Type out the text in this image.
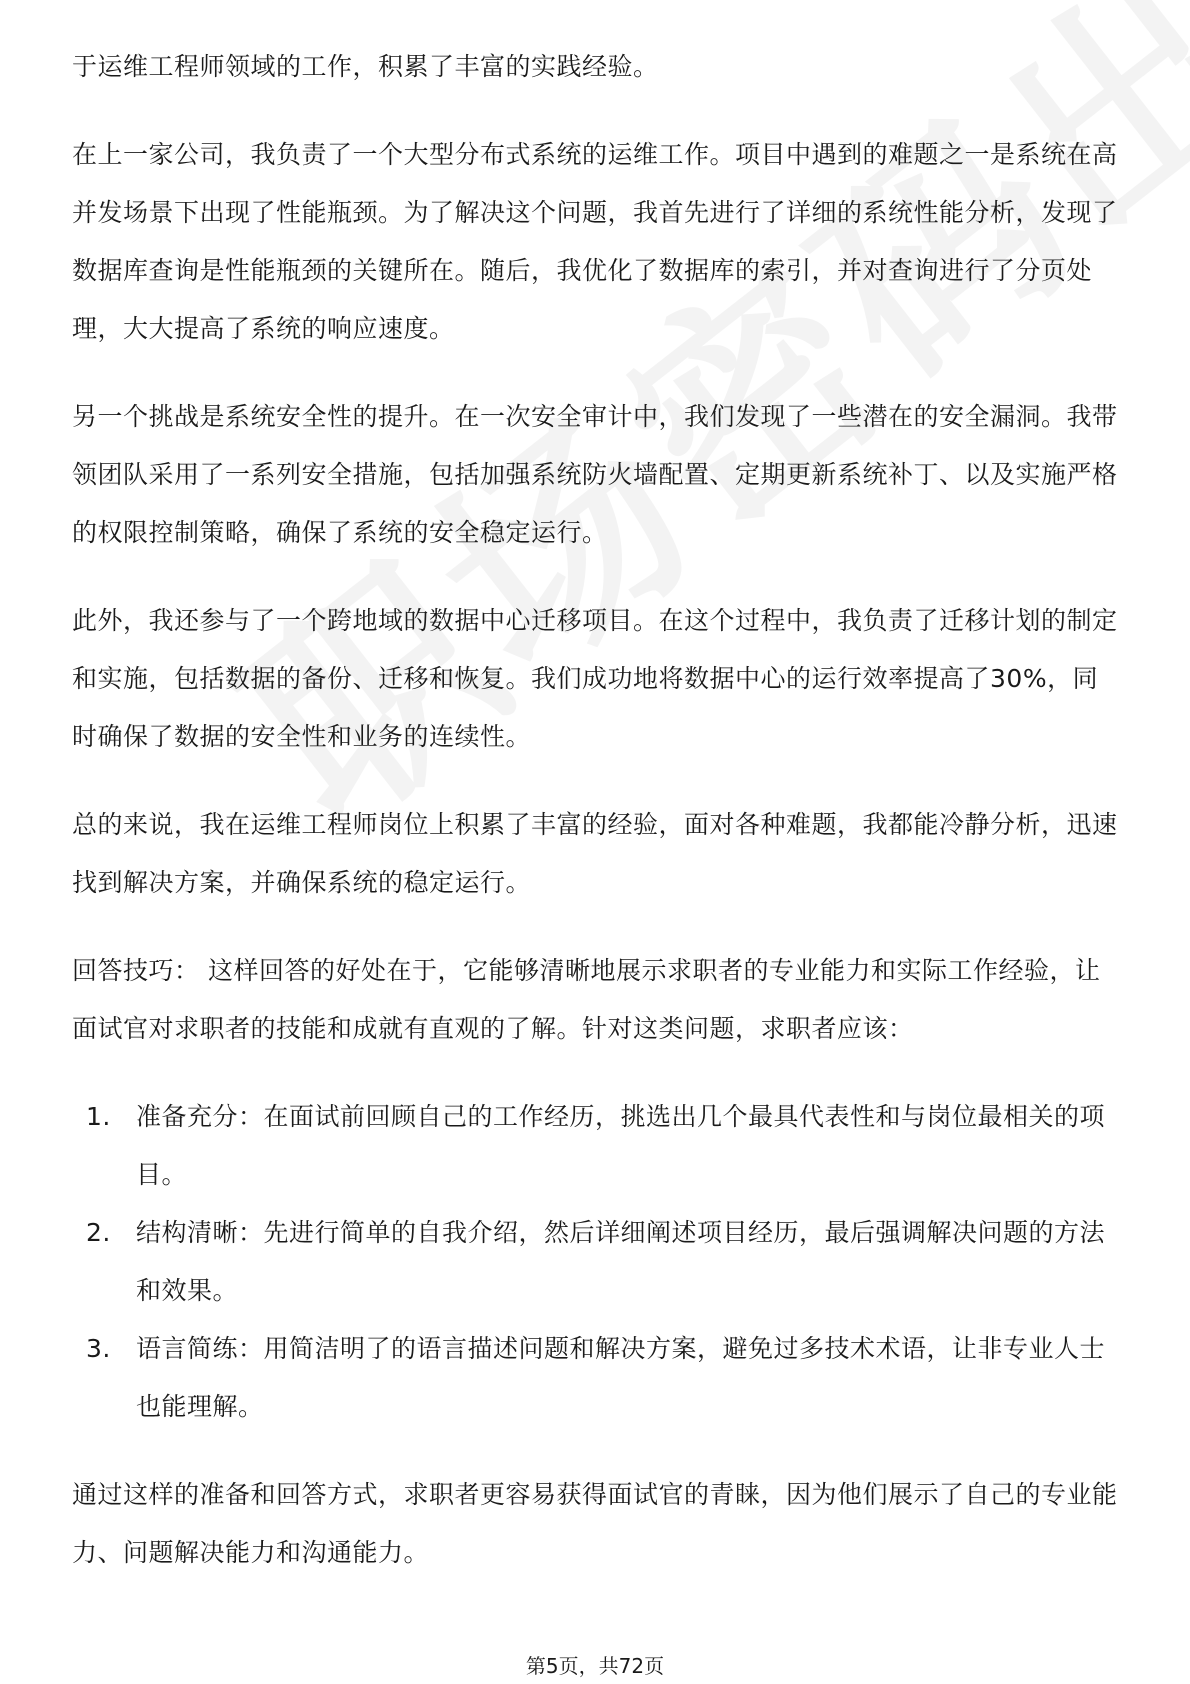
于运维工程师领域的工作，积累了丰富的实践经验。

在上一家公司，我负责了一个大型分布式系统的运维工作。项目中遇到的难题之一是系统在高并发场景下出现了性能瓶颈。为了解决这个问题，我首先进行了详细的系统性能分析，发现了数据库查询是性能瓶颈的关键所在。随后，我优化了数据库的索引，并对查询进行了分页处理，大大提高了系统的响应速度。

另一个挑战是系统安全性的提升。在一次安全审计中，我们发现了一些潜在的安全漏洞。我带领团队采用了一系列安全措施，包括加强系统防火墙配置、定期更新系统补丁、以及实施严格的权限控制策略，确保了系统的安全稳定运行。

此外，我还参与了一个跨地域的数据中心迁移项目。在这个过程中，我负责了迁移计划的制定和实施，包括数据的备份、迁移和恢复。我们成功地将数据中心的运行效率提高了30%，同时确保了数据的安全性和业务的连续性。

总的来说，我在运维工程师岗位上积累了丰富的经验，面对各种难题，我都能冷静分析，迅速找到解决方案，并确保系统的稳定运行。

回答技巧： 这样回答的好处在于，它能够清晰地展示求职者的专业能力和实际工作经验，让面试官对求职者的技能和成就有直观的了解。针对这类问题，求职者应该：

1.	准备充分：在面试前回顾自己的工作经历，挑选出几个最具代表性和与岗位最相关的项目。
2.	结构清晰：先进行简单的自我介绍，然后详细阐述项目经历，最后强调解决问题的方法和效果。
3.	语言简练：用简洁明了的语言描述问题和解决方案，避免过多技术术语，让非专业人士也能理解。

通过这样的准备和回答方式，求职者更容易获得面试官的青睐，因为他们展示了自己的专业能力、问题解决能力和沟通能力。

第5页，共72页
